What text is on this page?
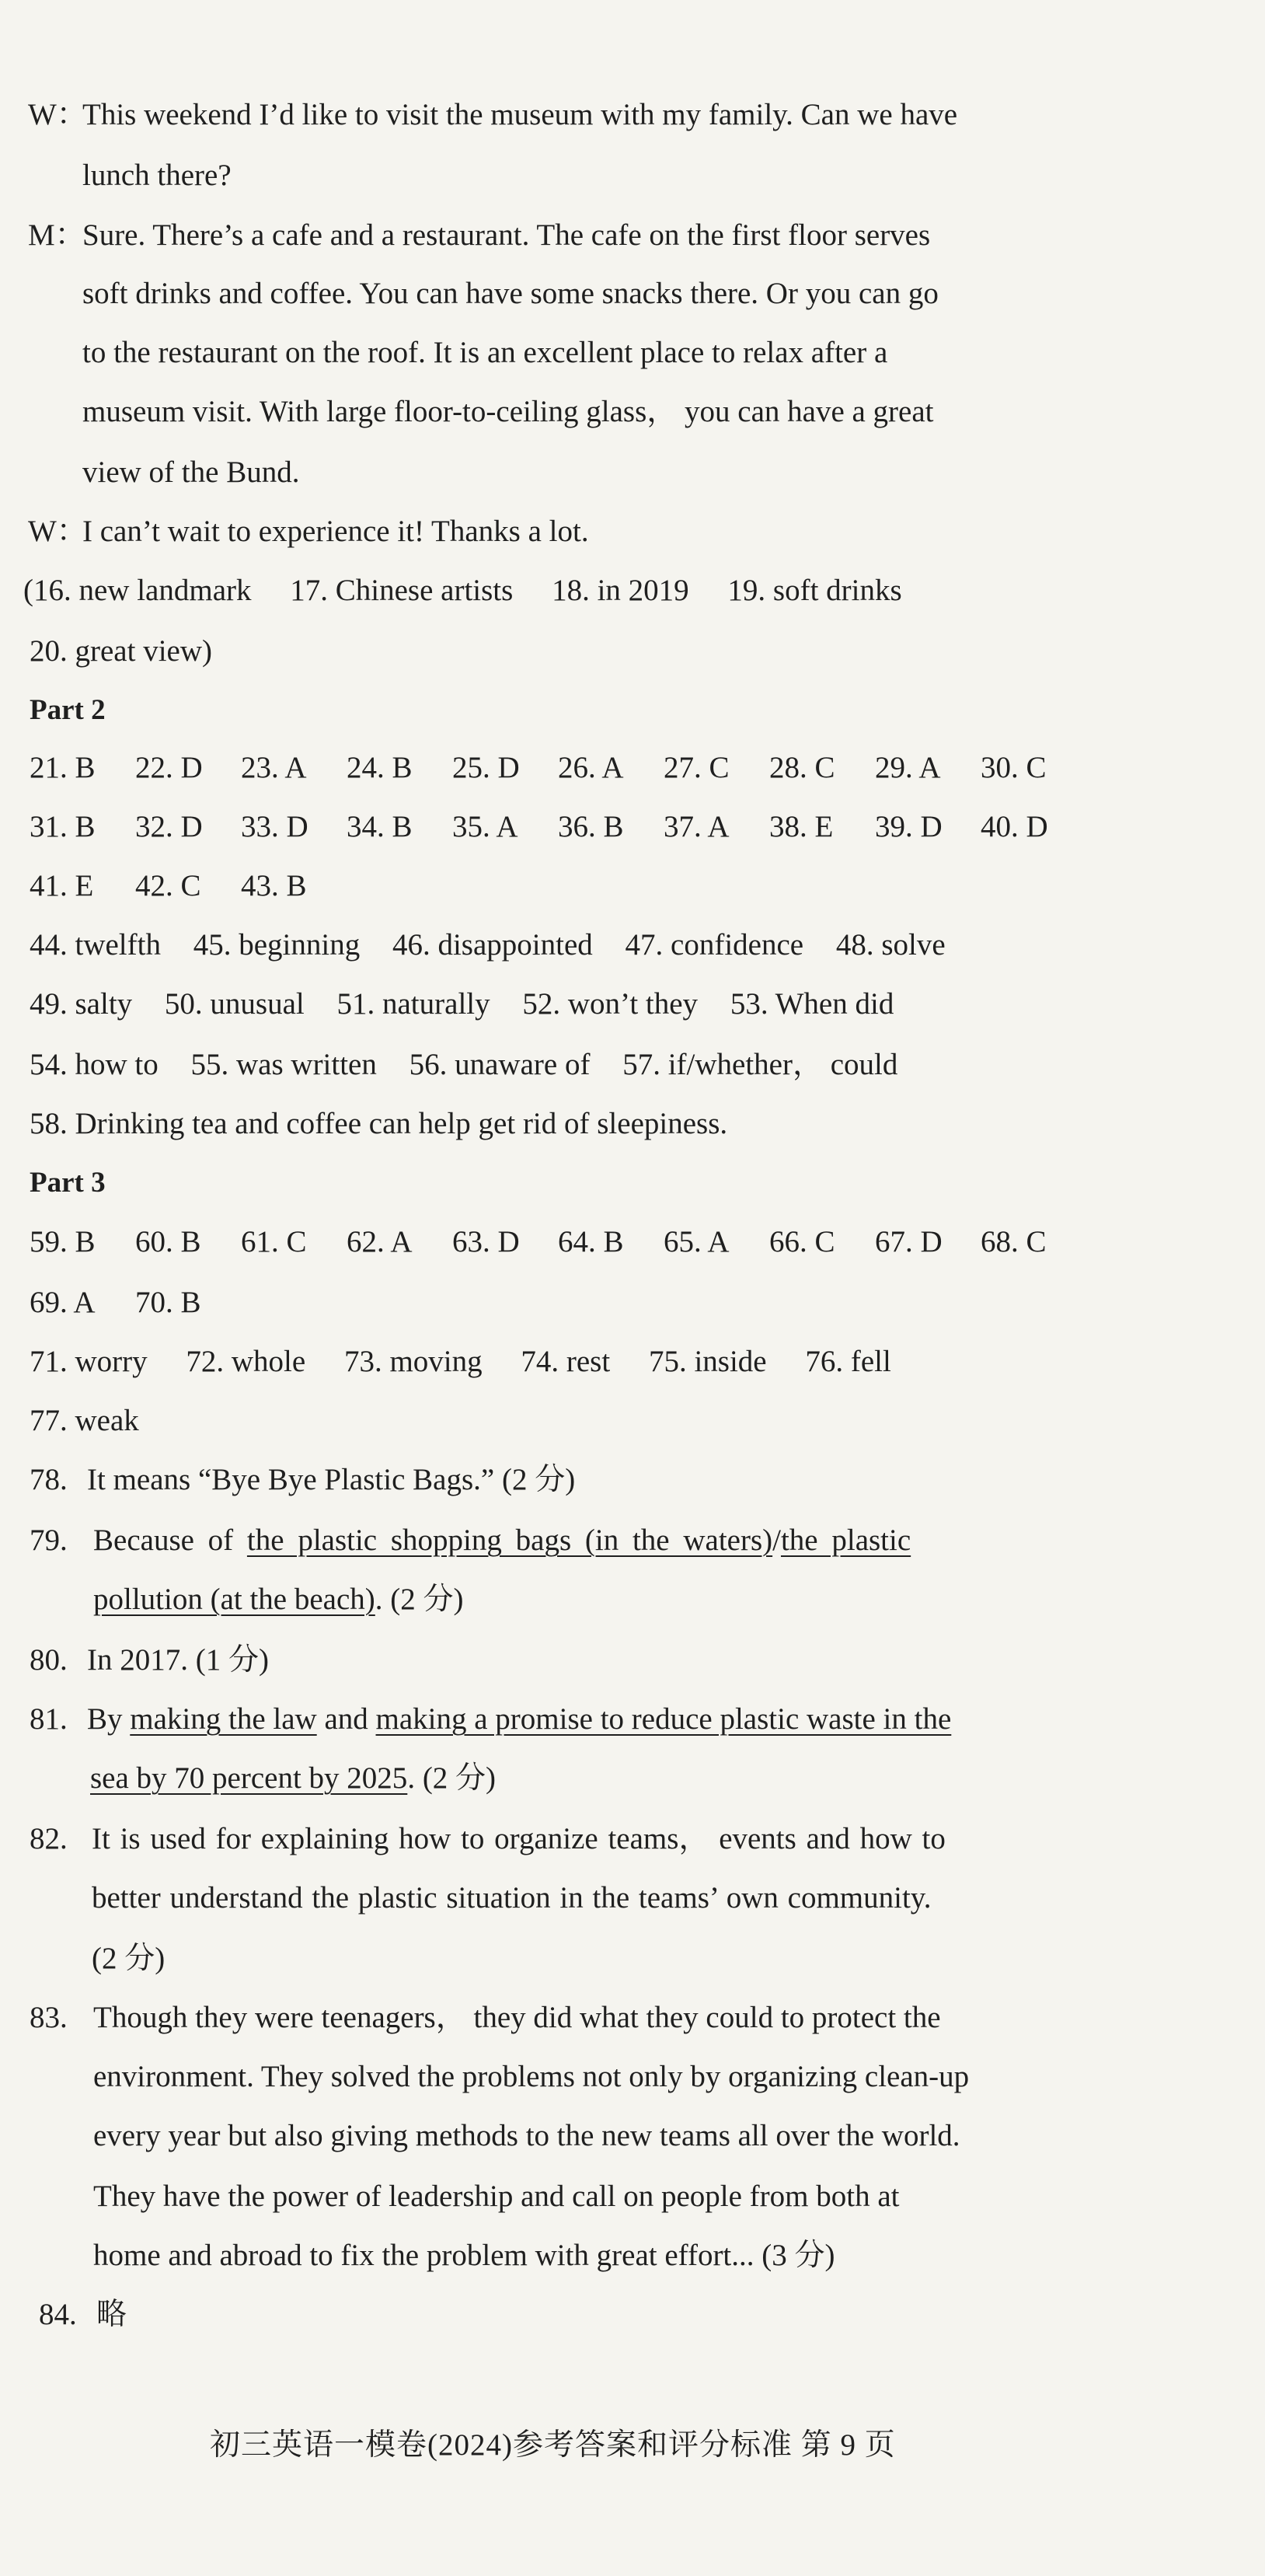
W：
This weekend I’d like to visit the museum with my family. Can we have
lunch there?
M：
Sure. There’s a cafe and a restaurant. The cafe on the first floor serves
soft drinks and coffee. You can have some snacks there. Or you can go
to the restaurant on the roof. It is an excellent place to relax after a
museum visit. With large floor-to-ceiling glass， you can have a great
view of the Bund.
W：
I can’t wait to experience it! Thanks a lot.
(16. new landmark 17. Chinese artists 18. in 2019 19. soft drinks
20. great view)
Part 2
21. B 22. D 23. A 24. B 25. D 26. A 27. C 28. C 29. A 30. C
31. B 32. D 33. D 34. B 35. A 36. B 37. A 38. E 39. D 40. D
41. E 42. C 43. B
44. twelfth 45. beginning 46. disappointed 47. confidence 48. solve
49. salty 50. unusual 51. naturally 52. won’t they 53. When did
54. how to 55. was written 56. unaware of 57. if/whether， could
58. Drinking tea and coffee can help get rid of sleepiness.
Part 3
59. B 60. B 61. C 62. A 63. D 64. B 65. A 66. C 67. D 68. C
69. A 70. B
71. worry 72. whole 73. moving 74. rest 75. inside 76. fell
77. weak
78. It means “Bye Bye Plastic Bags.” (2 分)
79. Because of the plastic shopping bags (in the waters)/the plastic
pollution (at the beach). (2 分)
80. In 2017. (1 分)
81. By making the law and making a promise to reduce plastic waste in the
sea by 70 percent by 2025. (2 分)
82. It is used for explaining how to organize teams， events and how to
better understand the plastic situation in the teams’ own community.
(2 分)
83. Though they were teenagers， they did what they could to protect the
environment. They solved the problems not only by organizing clean-up
every year but also giving methods to the new teams all over the world.
They have the power of leadership and call on people from both at
home and abroad to fix the problem with great effort... (3 分)
84. 略
初三英语一模卷(2024)参考答案和评分标准 第 9 页
